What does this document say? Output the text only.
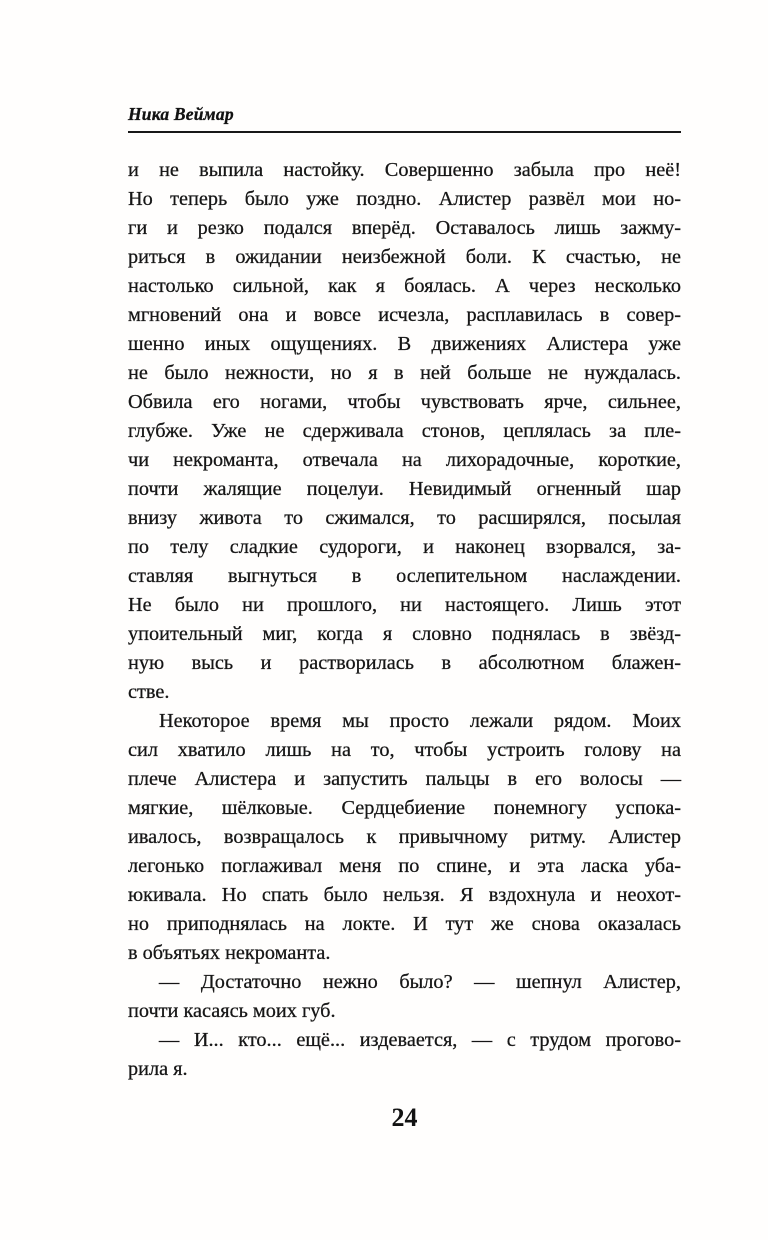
Ника Веймар
и не выпила настойку. Совершенно забыла про неё!
Но теперь было уже поздно. Алистер развёл мои но-
ги и резко подался вперёд. Оставалось лишь зажму-
риться в ожидании неизбежной боли. К счастью, не
настолько сильной, как я боялась. А через несколько
мгновений она и вовсе исчезла, расплавилась в совер-
шенно иных ощущениях. В движениях Алистера уже
не было нежности, но я в ней больше не нуждалась.
Обвила его ногами, чтобы чувствовать ярче, сильнее,
глубже. Уже не сдерживала стонов, цеплялась за пле-
чи некроманта, отвечала на лихорадочные, короткие,
почти жалящие поцелуи. Невидимый огненный шар
внизу живота то сжимался, то расширялся, посылая
по телу сладкие судороги, и наконец взорвался, за-
ставляя выгнуться в ослепительном наслаждении.
Не было ни прошлого, ни настоящего. Лишь этот
упоительный миг, когда я словно поднялась в звёзд-
ную высь и растворилась в абсолютном блажен-
стве.
Некоторое время мы просто лежали рядом. Моих
сил хватило лишь на то, чтобы устроить голову на
плече Алистера и запустить пальцы в его волосы —
мягкие, шёлковые. Сердцебиение понемногу успока-
ивалось, возвращалось к привычному ритму. Алистер
легонько поглаживал меня по спине, и эта ласка уба-
юкивала. Но спать было нельзя. Я вздохнула и неохот-
но приподнялась на локте. И тут же снова оказалась
в объятьях некроманта.
— Достаточно нежно было? — шепнул Алистер,
почти касаясь моих губ.
— И... кто... ещё... издевается, — с трудом прогово-
рила я.
24
